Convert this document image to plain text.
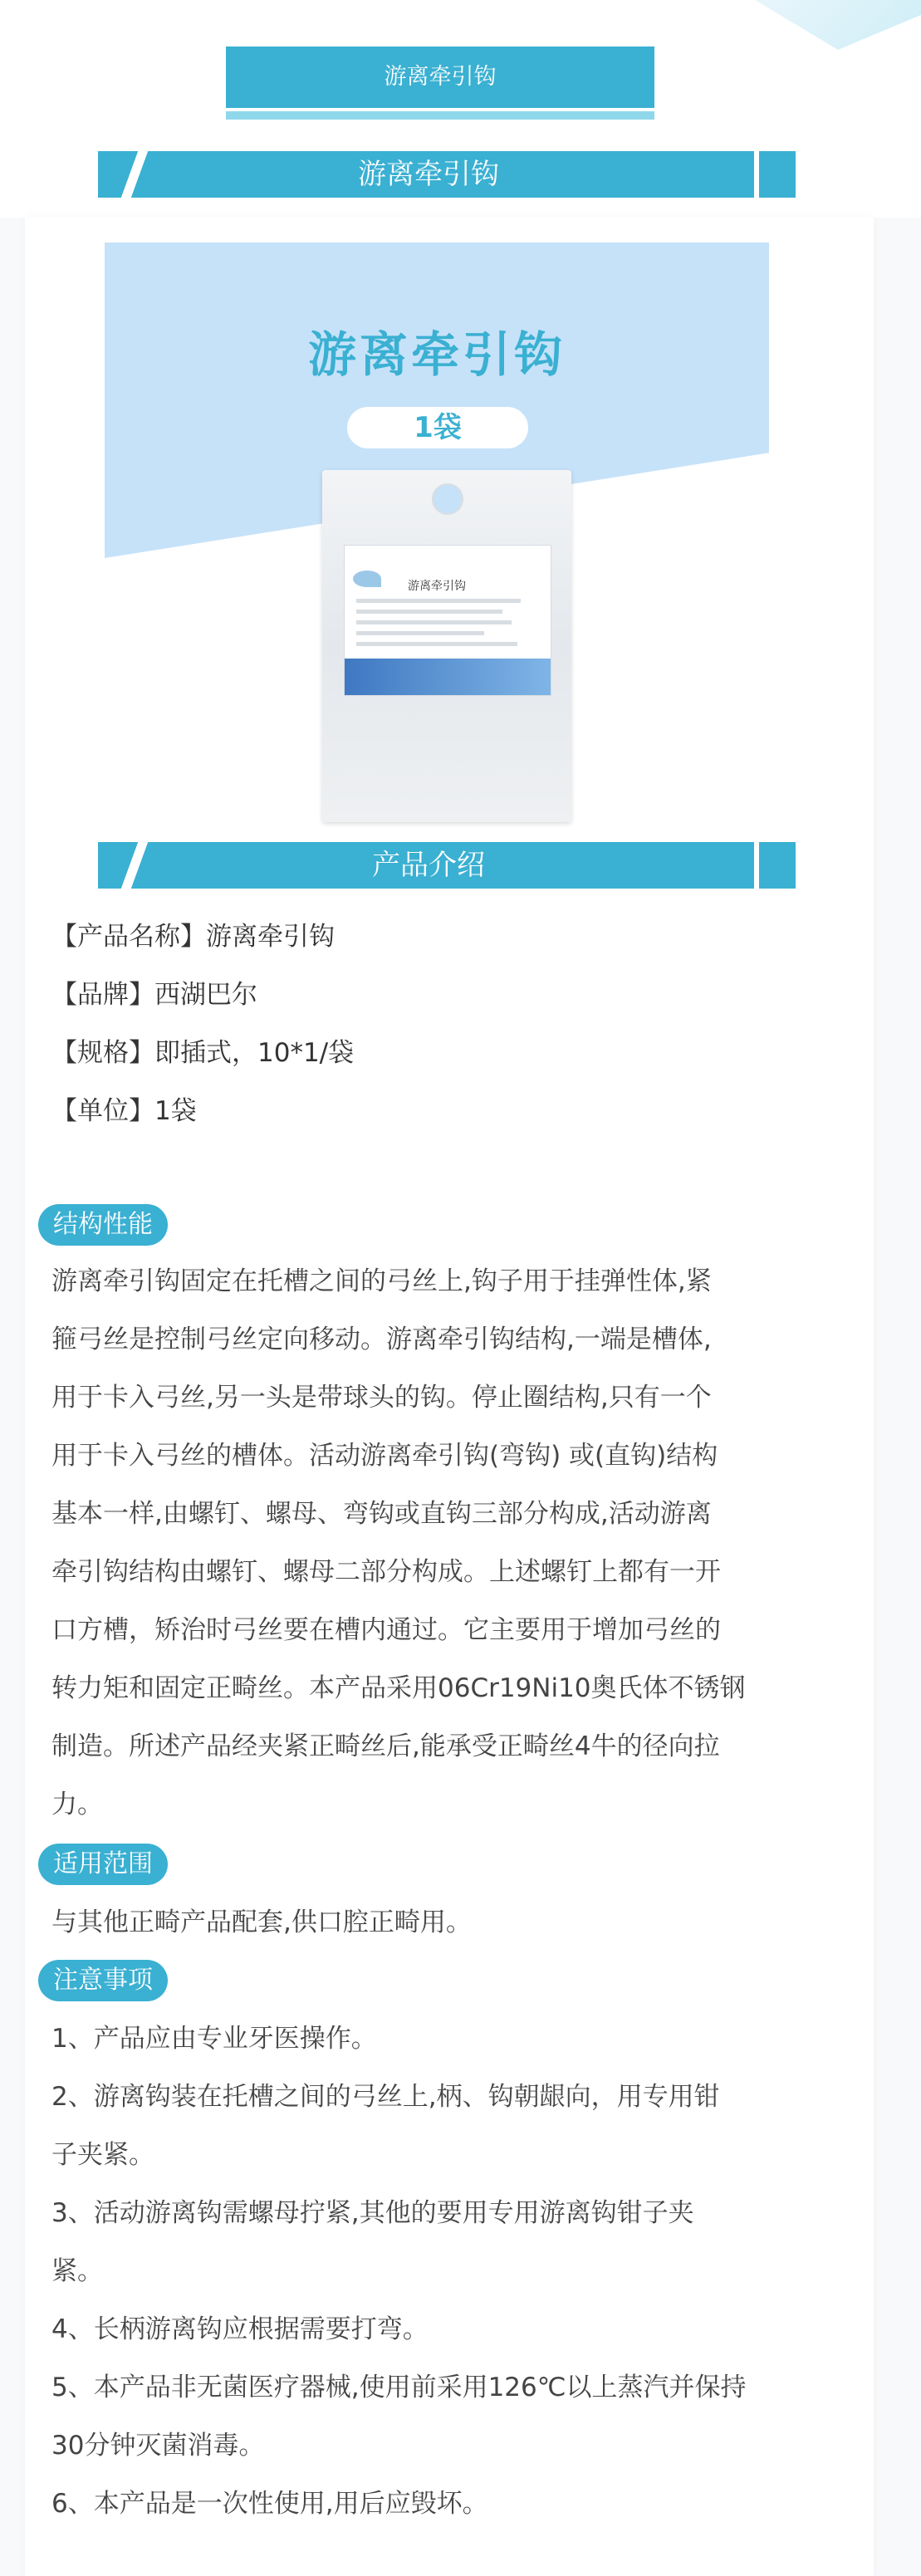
游离牵引钩
游离牵引钩
游离牵引钩
1袋
游离牵引钩
产品介绍
【产品名称】游离牵引钩
【品牌】西湖巴尔
【规格】即插式，10*1/袋
【单位】1袋
结构性能
游离牵引钩固定在托槽之间的弓丝上,钩子用于挂弹性体,紧
箍弓丝是控制弓丝定向移动。游离牵引钩结构,一端是槽体,
用于卡入弓丝,另一头是带球头的钩。停止圈结构,只有一个
用于卡入弓丝的槽体。活动游离牵引钩(弯钩) 或(直钩)结构
基本一样,由螺钉、螺母、弯钩或直钩三部分构成,活动游离
牵引钩结构由螺钉、螺母二部分构成。上述螺钉上都有一开
口方槽，矫治时弓丝要在槽内通过。它主要用于增加弓丝的
转力矩和固定正畸丝。本产品采用06Cr19Ni10奥氏体不锈钢
制造。所述产品经夹紧正畸丝后,能承受正畸丝4牛的径向拉
力。
适用范围
与其他正畸产品配套,供口腔正畸用。
注意事项
1、产品应由专业牙医操作。
2、游离钩装在托槽之间的弓丝上,柄、钩朝龈向，用专用钳
子夹紧。
3、活动游离钩需螺母拧紧,其他的要用专用游离钩钳子夹
紧。
4、长柄游离钩应根据需要打弯。
5、本产品非无菌医疗器械,使用前采用126℃以上蒸汽并保持
30分钟灭菌消毒。
6、本产品是一次性使用,用后应毁坏。
